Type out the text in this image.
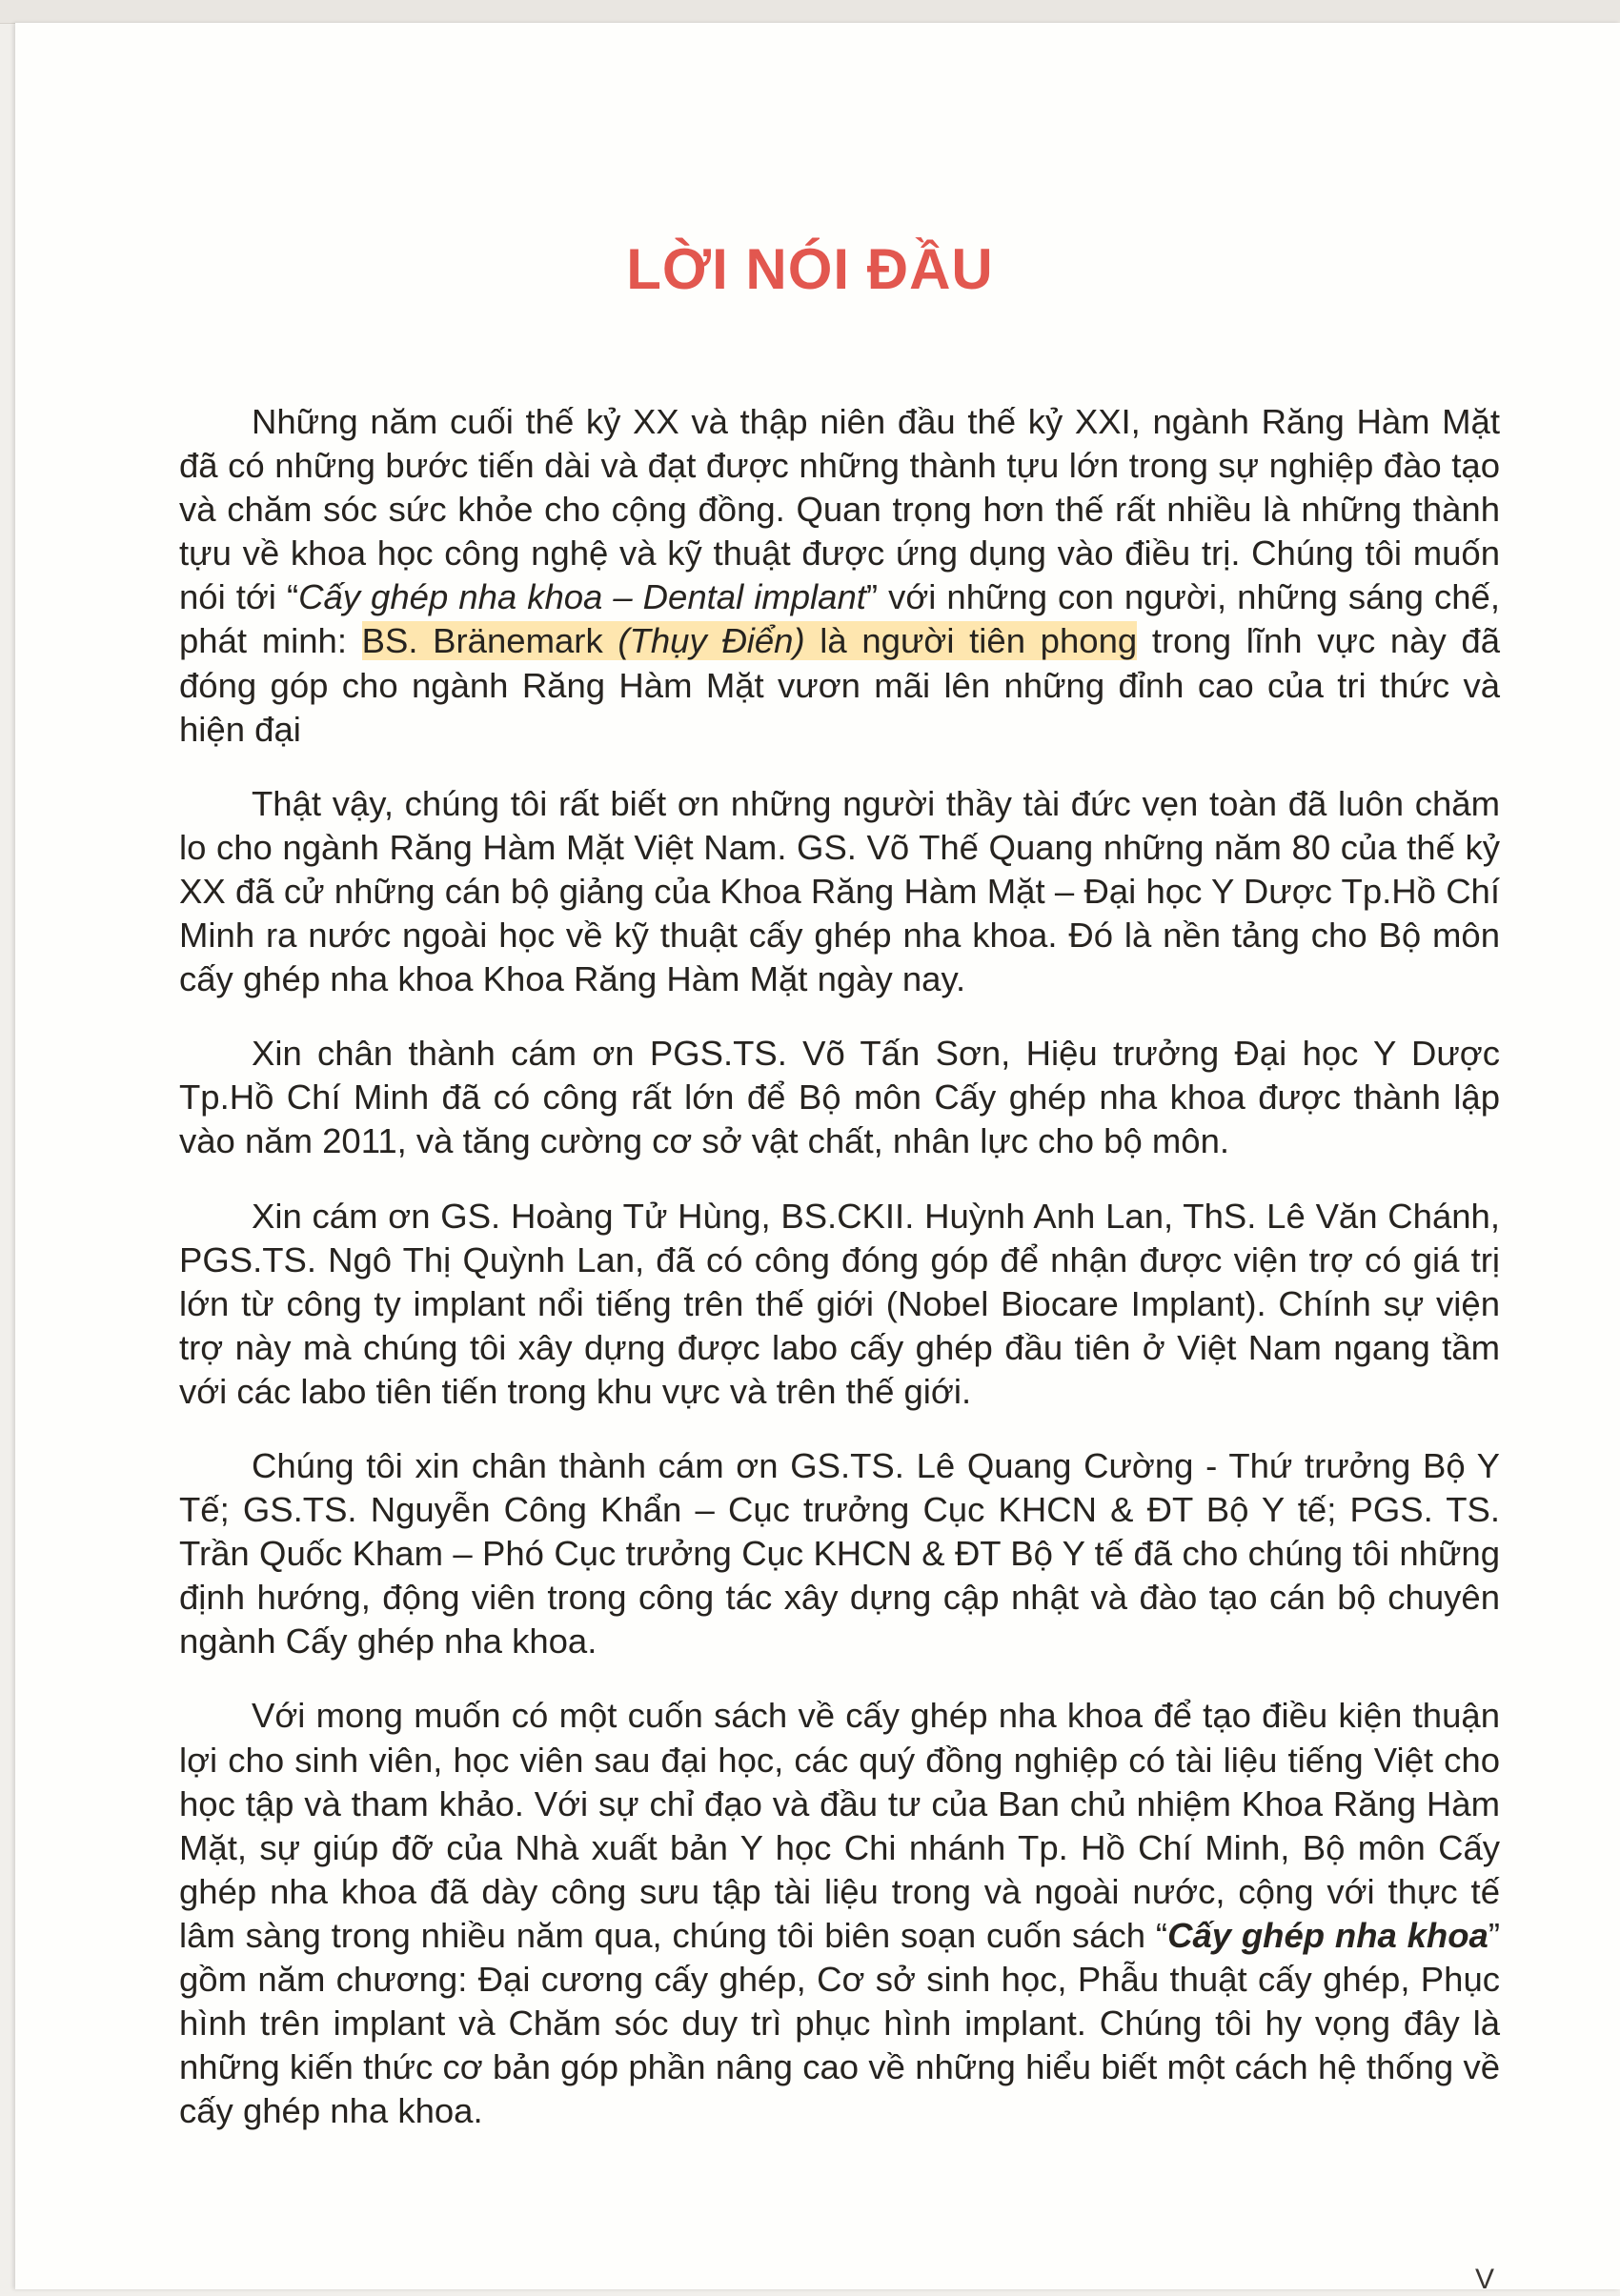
LỜI NÓI ĐẦU

Những năm cuối thế kỷ XX và thập niên đầu thế kỷ XXI, ngành Răng Hàm Mặt đã có những bước tiến dài và đạt được những thành tựu lớn trong sự nghiệp đào tạo và chăm sóc sức khỏe cho cộng đồng. Quan trọng hơn thế rất nhiều là những thành tựu về khoa học công nghệ và kỹ thuật được ứng dụng vào điều trị. Chúng tôi muốn nói tới “Cấy ghép nha khoa – Dental implant” với những con người, những sáng chế, phát minh: BS. Bränemark (Thụy Điển) là người tiên phong trong lĩnh vực này đã đóng góp cho ngành Răng Hàm Mặt vươn mãi lên những đỉnh cao của tri thức và hiện đại

Thật vậy, chúng tôi rất biết ơn những người thầy tài đức vẹn toàn đã luôn chăm lo cho ngành Răng Hàm Mặt Việt Nam. GS. Võ Thế Quang những năm 80 của thế kỷ XX đã cử những cán bộ giảng của Khoa Răng Hàm Mặt – Đại học Y Dược Tp.Hồ Chí Minh ra nước ngoài học về kỹ thuật cấy ghép nha khoa. Đó là nền tảng cho Bộ môn cấy ghép nha khoa Khoa Răng Hàm Mặt ngày nay.

Xin chân thành cám ơn PGS.TS. Võ Tấn Sơn, Hiệu trưởng Đại học Y Dược Tp.Hồ Chí Minh đã có công rất lớn để Bộ môn Cấy ghép nha khoa được thành lập vào năm 2011, và tăng cường cơ sở vật chất, nhân lực cho bộ môn.

Xin cám ơn GS. Hoàng Tử Hùng, BS.CKII. Huỳnh Anh Lan, ThS. Lê Văn Chánh, PGS.TS. Ngô Thị Quỳnh Lan, đã có công đóng góp để nhận được viện trợ có giá trị lớn từ công ty implant nổi tiếng trên thế giới (Nobel Biocare Implant). Chính sự viện trợ này mà chúng tôi xây dựng được labo cấy ghép đầu tiên ở Việt Nam ngang tầm với các labo tiên tiến trong khu vực và trên thế giới.

Chúng tôi xin chân thành cám ơn GS.TS. Lê Quang Cường - Thứ trưởng Bộ Y Tế; GS.TS. Nguyễn Công Khẩn – Cục trưởng Cục KHCN & ĐT Bộ Y tế; PGS. TS. Trần Quốc Kham – Phó Cục trưởng Cục KHCN & ĐT Bộ Y tế đã cho chúng tôi những định hướng, động viên trong công tác xây dựng cập nhật và đào tạo cán bộ chuyên ngành Cấy ghép nha khoa.

Với mong muốn có một cuốn sách về cấy ghép nha khoa để tạo điều kiện thuận lợi cho sinh viên, học viên sau đại học, các quý đồng nghiệp có tài liệu tiếng Việt cho học tập và tham khảo. Với sự chỉ đạo và đầu tư của Ban chủ nhiệm Khoa Răng Hàm Mặt, sự giúp đỡ của Nhà xuất bản Y học Chi nhánh Tp. Hồ Chí Minh, Bộ môn Cấy ghép nha khoa đã dày công sưu tập tài liệu trong và ngoài nước, cộng với thực tế lâm sàng trong nhiều năm qua, chúng tôi biên soạn cuốn sách “Cấy ghép nha khoa” gồm năm chương: Đại cương cấy ghép, Cơ sở sinh học, Phẫu thuật cấy ghép, Phục hình trên implant và Chăm sóc duy trì phục hình implant. Chúng tôi hy vọng đây là những kiến thức cơ bản góp phần nâng cao về những hiểu biết một cách hệ thống về cấy ghép nha khoa.

V
